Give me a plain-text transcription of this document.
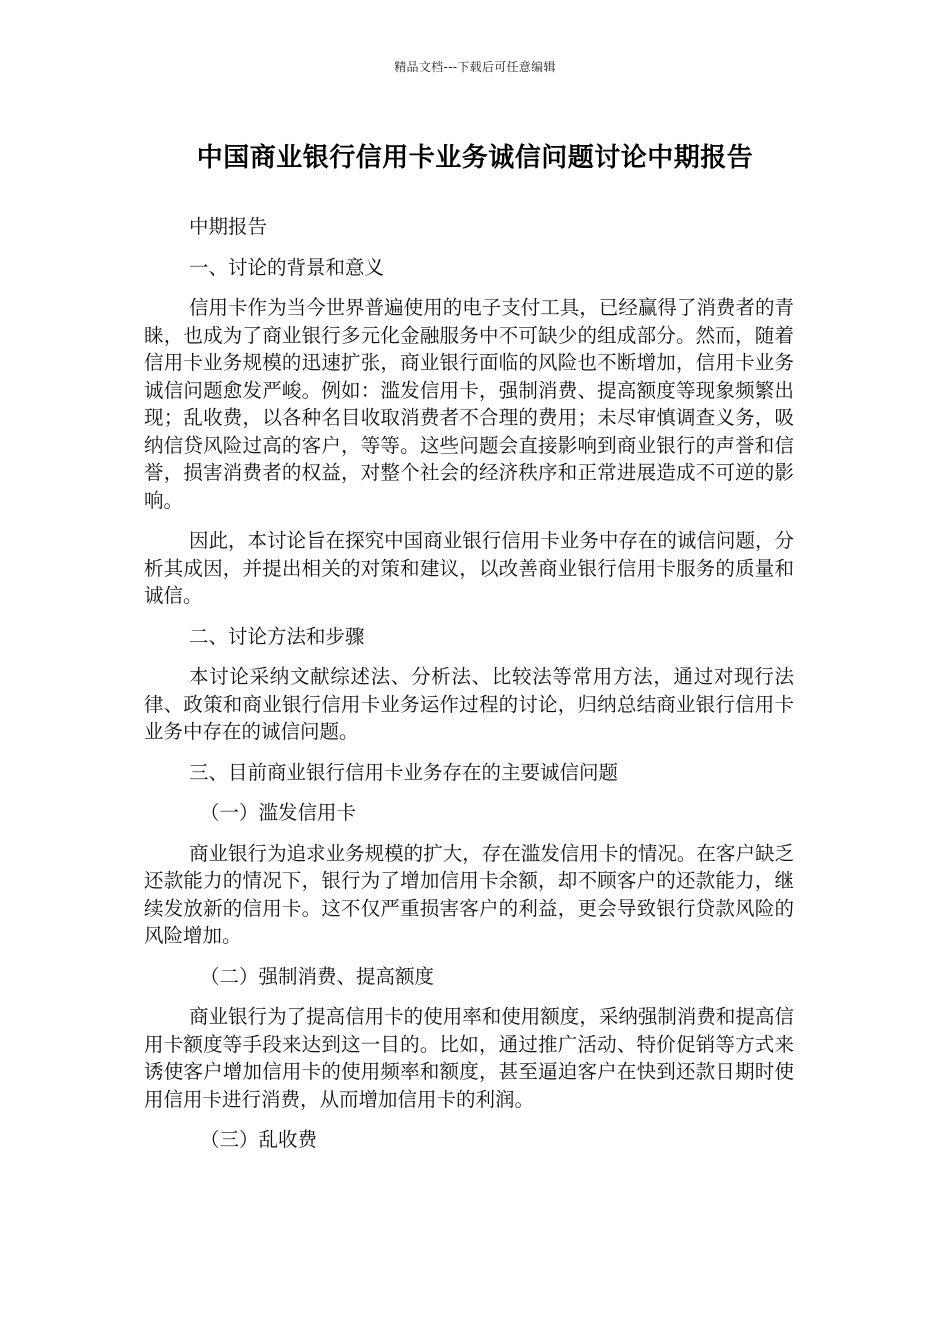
精品文档---下载后可任意编辑
中国商业银行信用卡业务诚信问题讨论中期报告

中期报告

一、讨论的背景和意义

信用卡作为当今世界普遍使用的电子支付工具，已经赢得了消费者的青睐，也成为了商业银行多元化金融服务中不可缺少的组成部分。然而，随着信用卡业务规模的迅速扩张，商业银行面临的风险也不断增加，信用卡业务诚信问题愈发严峻。例如：滥发信用卡，强制消费、提高额度等现象频繁出现；乱收费，以各种名目收取消费者不合理的费用；未尽审慎调查义务，吸纳信贷风险过高的客户，等等。这些问题会直接影响到商业银行的声誉和信誉，损害消费者的权益，对整个社会的经济秩序和正常进展造成不可逆的影响。

因此，本讨论旨在探究中国商业银行信用卡业务中存在的诚信问题，分析其成因，并提出相关的对策和建议，以改善商业银行信用卡服务的质量和诚信。

二、讨论方法和步骤

本讨论采纳文献综述法、分析法、比较法等常用方法，通过对现行法律、政策和商业银行信用卡业务运作过程的讨论，归纳总结商业银行信用卡业务中存在的诚信问题。

三、目前商业银行信用卡业务存在的主要诚信问题

（一）滥发信用卡

商业银行为追求业务规模的扩大，存在滥发信用卡的情况。在客户缺乏还款能力的情况下，银行为了增加信用卡余额，却不顾客户的还款能力，继续发放新的信用卡。这不仅严重损害客户的利益，更会导致银行贷款风险的风险增加。

（二）强制消费、提高额度

商业银行为了提高信用卡的使用率和使用额度，采纳强制消费和提高信用卡额度等手段来达到这一目的。比如，通过推广活动、特价促销等方式来诱使客户增加信用卡的使用频率和额度，甚至逼迫客户在快到还款日期时使用信用卡进行消费，从而增加信用卡的利润。

（三）乱收费
